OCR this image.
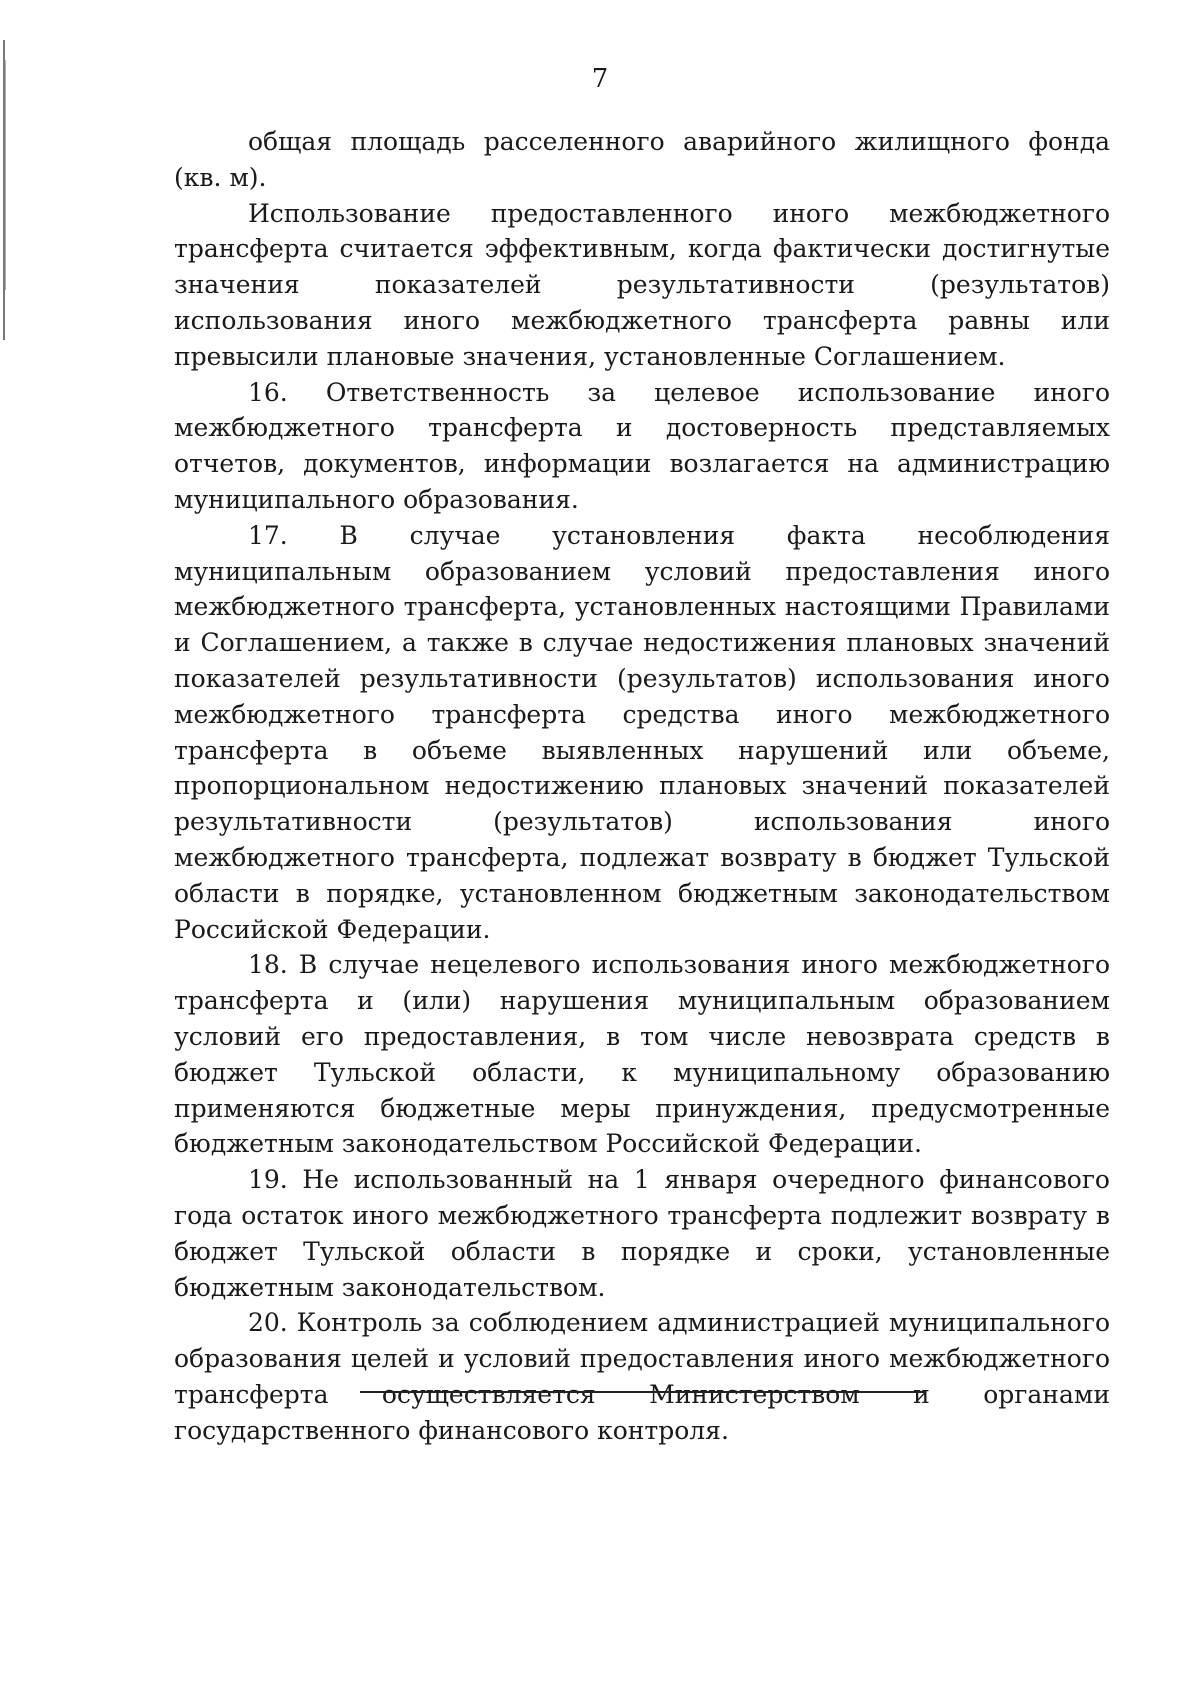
7

общая площадь расселенного аварийного жилищного фонда (кв. м).

Использование предоставленного иного межбюджетного трансферта считается эффективным, когда фактически достигнутые значения показателей результативности (результатов) использования иного межбюджетного трансферта равны или превысили плановые значения, установленные Соглашением.

16. Ответственность за целевое использование иного межбюджетного трансферта и достоверность представляемых отчетов, документов, информации возлагается на администрацию муниципального образования.

17. В случае установления факта несоблюдения муниципальным образованием условий предоставления иного межбюджетного трансферта, установленных настоящими Правилами и Соглашением, а также в случае недостижения плановых значений показателей результативности (результатов) использования иного межбюджетного трансферта средства иного межбюджетного трансферта в объеме выявленных нарушений или объеме, пропорциональном недостижению плановых значений показателей результативности (результатов) использования иного межбюджетного трансферта, подлежат возврату в бюджет Тульской области в порядке, установленном бюджетным законодательством Российской Федерации.

18. В случае нецелевого использования иного межбюджетного трансферта и (или) нарушения муниципальным образованием условий его предоставления, в том числе невозврата средств в бюджет Тульской области, к муниципальному образованию применяются бюджетные меры принуждения, предусмотренные бюджетным законодательством Российской Федерации.

19. Не использованный на 1 января очередного финансового года остаток иного межбюджетного трансферта подлежит возврату в бюджет Тульской области в порядке и сроки, установленные бюджетным законодательством.

20. Контроль за соблюдением администрацией муниципального образования целей и условий предоставления иного межбюджетного трансферта осуществляется Министерством и органами государственного финансового контроля.
